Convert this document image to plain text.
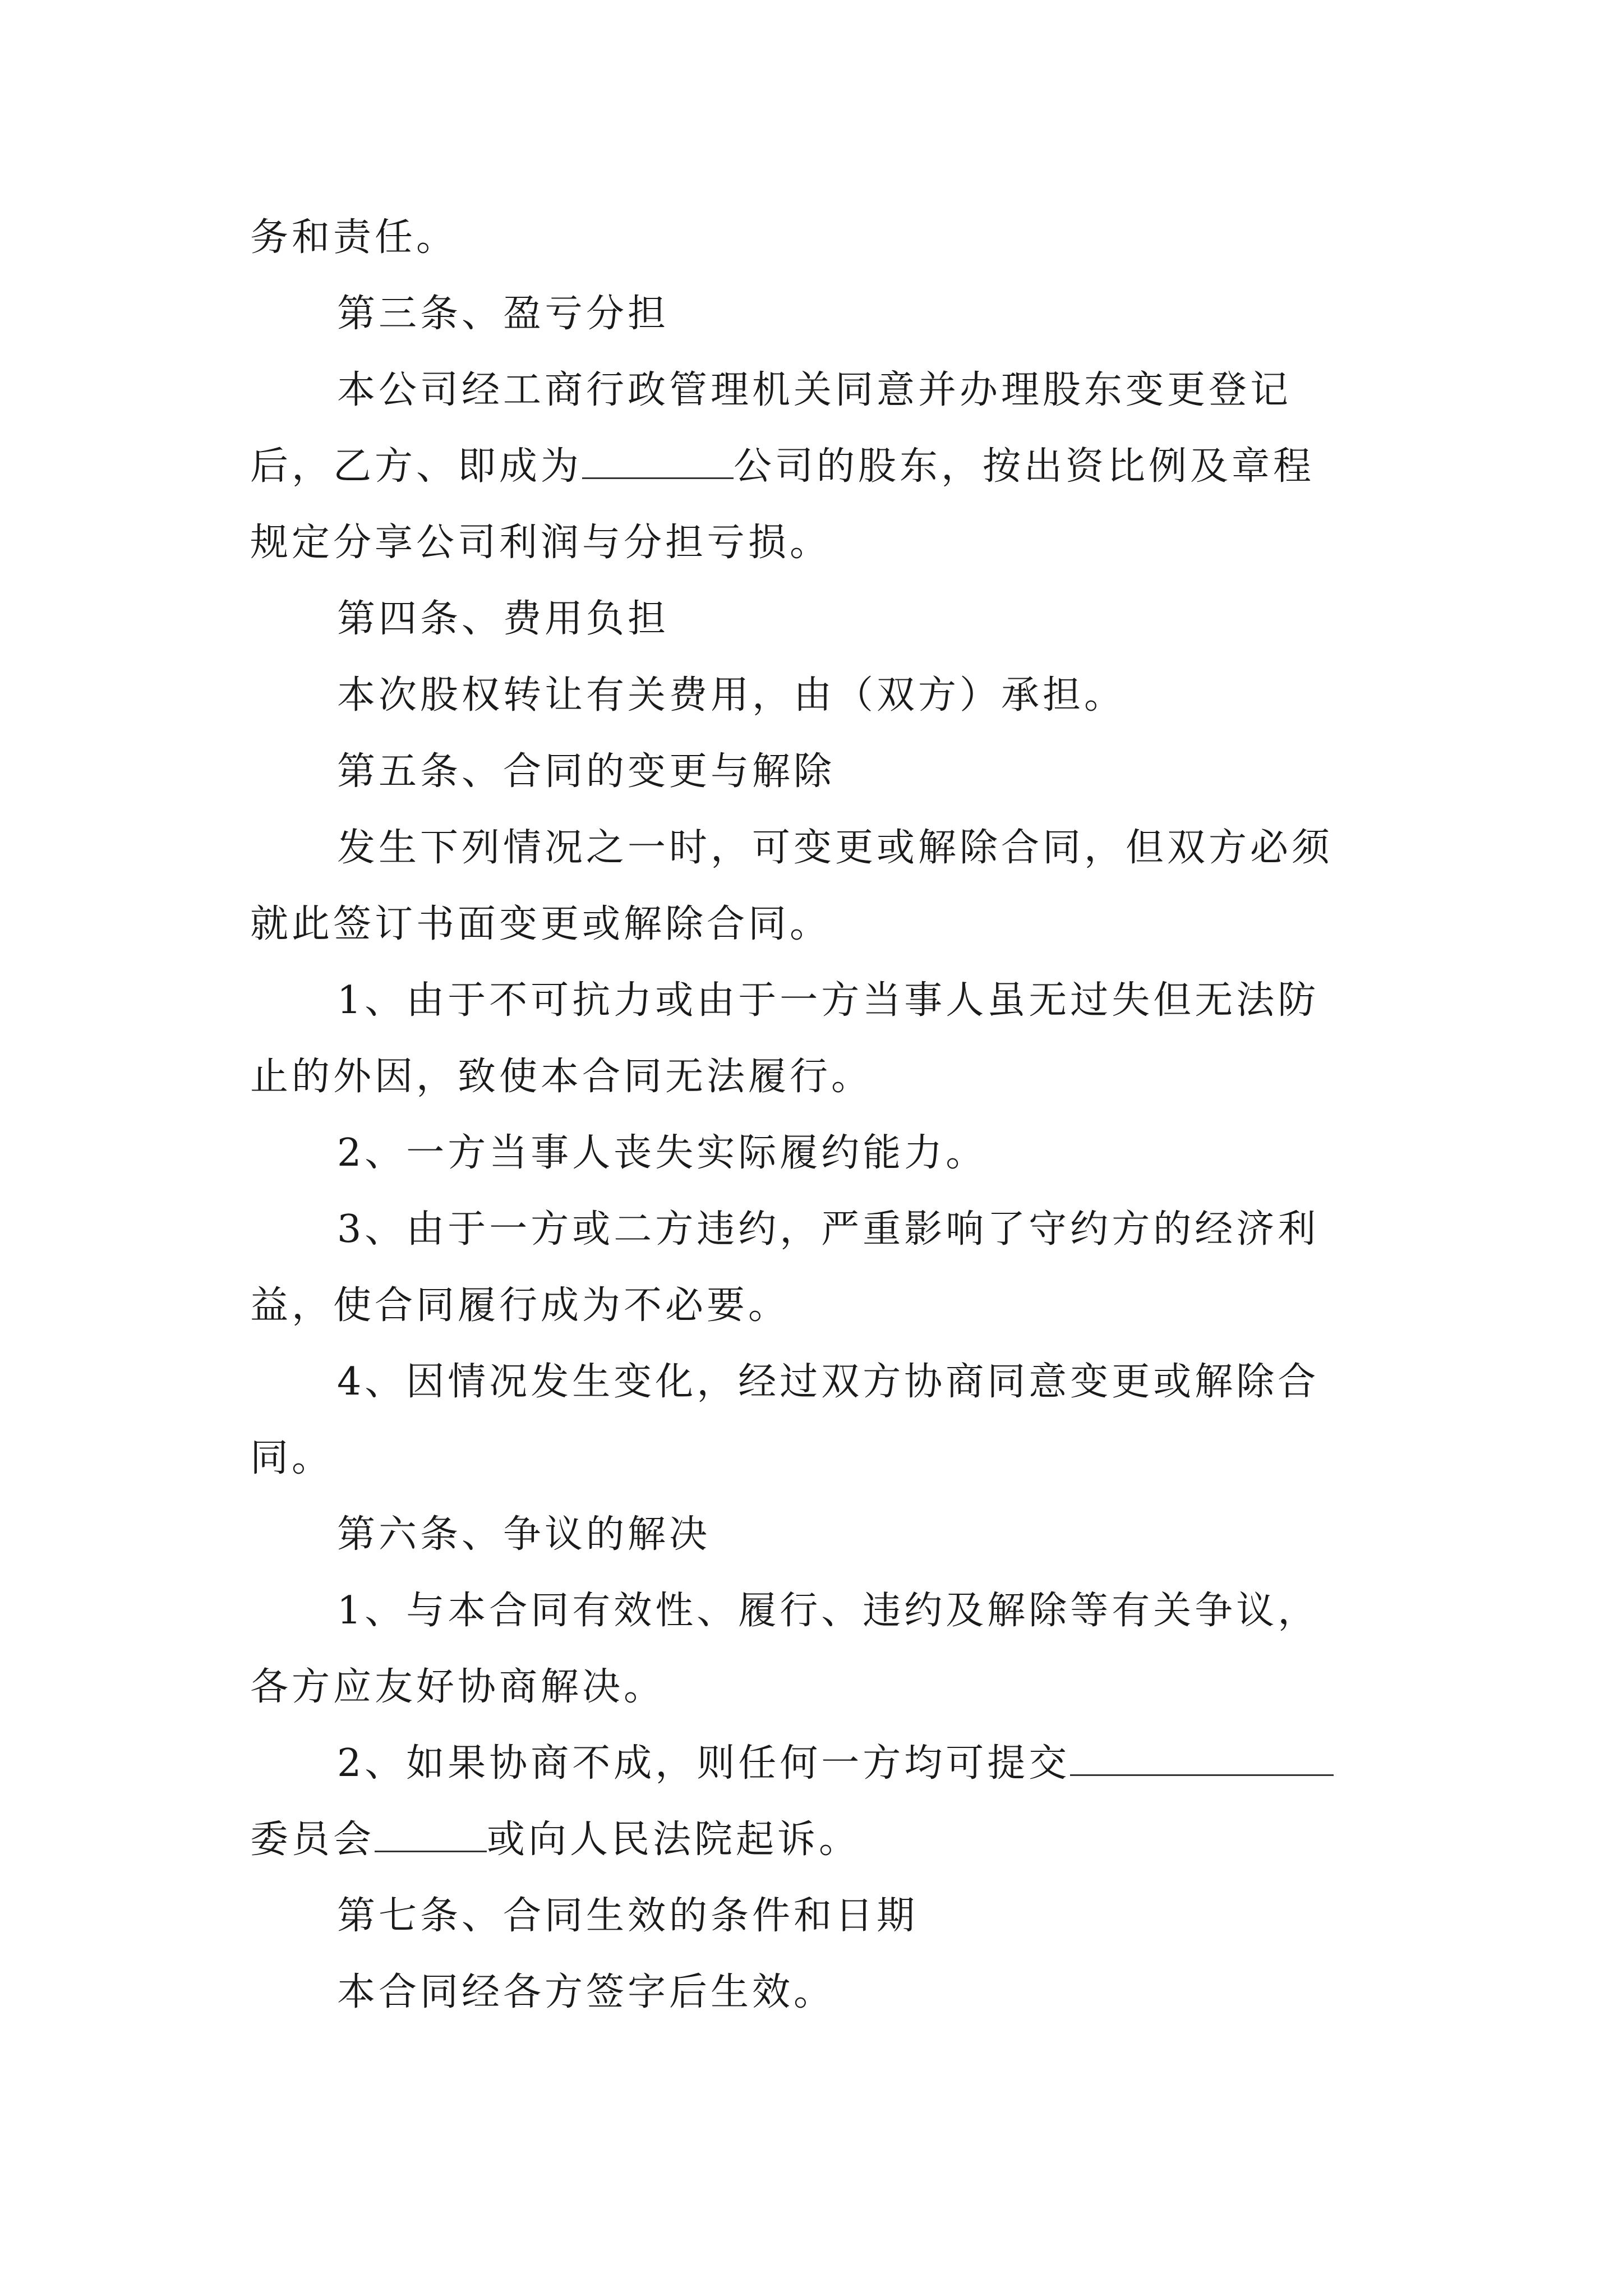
务和责任。

第三条、盈亏分担

本公司经工商行政管理机关同意并办理股东变更登记

后，乙方、即成为	公司的股东，按出资比例及章程

规定分享公司利润与分担亏损。

第四条、费用负担

本次股权转让有关费用，由（双方）承担。

第五条、合同的变更与解除

发生下列情况之一时，可变更或解除合同，但双方必须

就此签订书面变更或解除合同。

1、由于不可抗力或由于一方当事人虽无过失但无法防

止的外因，致使本合同无法履行。

2、一方当事人丧失实际履约能力。

3、由于一方或二方违约，严重影响了守约方的经济利

益，使合同履行成为不必要。

4、因情况发生变化，经过双方协商同意变更或解除合

同。

第六条、争议的解决

1、与本合同有效性、履行、违约及解除等有关争议，

各方应友好协商解决。

2、如果协商不成，则任何一方均可提交

委员会	或向人民法院起诉。

第七条、合同生效的条件和日期

本合同经各方签字后生效。
